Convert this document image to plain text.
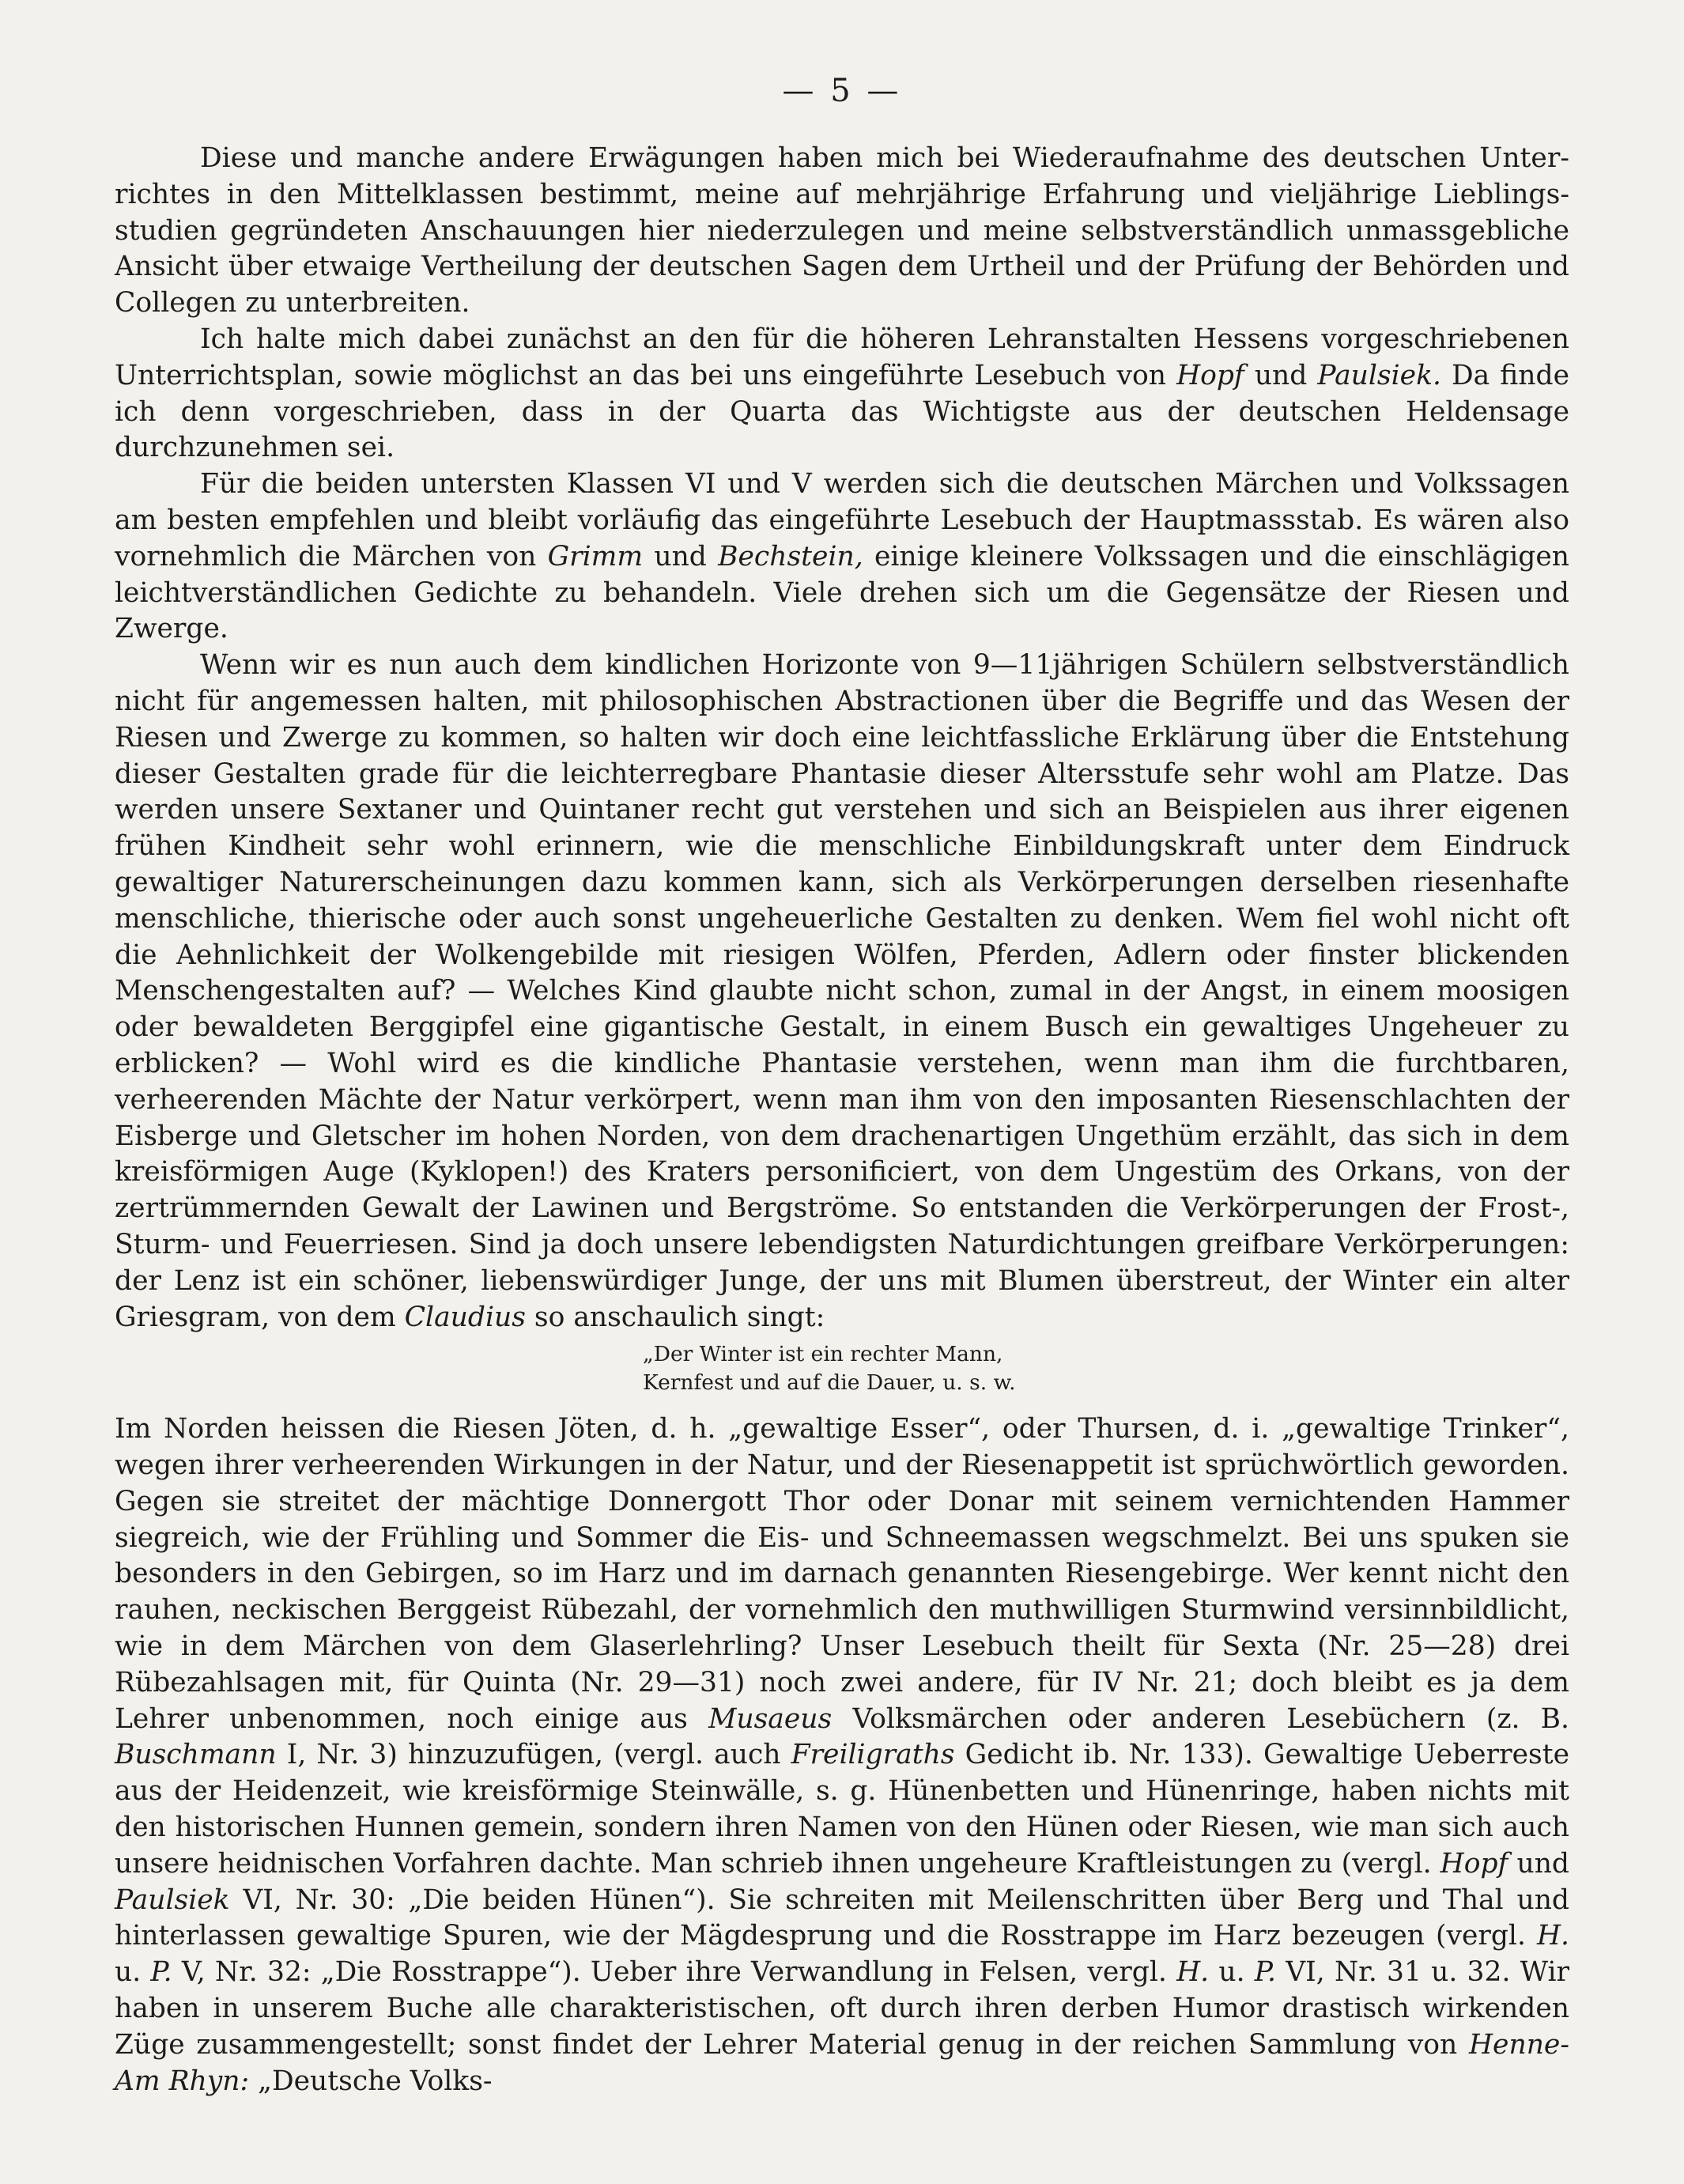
— 5 —

Diese und manche andere Erwägungen haben mich bei Wiederaufnahme des deutschen Unterrichtes in den Mittelklassen bestimmt, meine auf mehrjährige Erfahrung und vieljährige Lieblingsstudien gegründeten Anschauungen hier niederzulegen und meine selbstverständlich unmassgebliche Ansicht über etwaige Vertheilung der deutschen Sagen dem Urtheil und der Prüfung der Behörden und Collegen zu unterbreiten.

Ich halte mich dabei zunächst an den für die höheren Lehranstalten Hessens vorgeschriebenen Unterrichtsplan, sowie möglichst an das bei uns eingeführte Lesebuch von Hopf und Paulsiek. Da finde ich denn vorgeschrieben, dass in der Quarta das Wichtigste aus der deutschen Heldensage durchzunehmen sei.

Für die beiden untersten Klassen VI und V werden sich die deutschen Märchen und Volkssagen am besten empfehlen und bleibt vorläufig das eingeführte Lesebuch der Hauptmassstab. Es wären also vornehmlich die Märchen von Grimm und Bechstein, einige kleinere Volkssagen und die einschlägigen leichtverständlichen Gedichte zu behandeln. Viele drehen sich um die Gegensätze der Riesen und Zwerge.

Wenn wir es nun auch dem kindlichen Horizonte von 9—11jährigen Schülern selbstverständlich nicht für angemessen halten, mit philosophischen Abstractionen über die Begriffe und das Wesen der Riesen und Zwerge zu kommen, so halten wir doch eine leichtfassliche Erklärung über die Entstehung dieser Gestalten grade für die leichterregbare Phantasie dieser Altersstufe sehr wohl am Platze. Das werden unsere Sextaner und Quintaner recht gut verstehen und sich an Beispielen aus ihrer eigenen frühen Kindheit sehr wohl erinnern, wie die menschliche Einbildungskraft unter dem Eindruck gewaltiger Naturerscheinungen dazu kommen kann, sich als Verkörperungen derselben riesenhafte menschliche, thierische oder auch sonst ungeheuerliche Gestalten zu denken. Wem fiel wohl nicht oft die Aehnlichkeit der Wolkengebilde mit riesigen Wölfen, Pferden, Adlern oder finster blickenden Menschengestalten auf? — Welches Kind glaubte nicht schon, zumal in der Angst, in einem moosigen oder bewaldeten Berggipfel eine gigantische Gestalt, in einem Busch ein gewaltiges Ungeheuer zu erblicken? — Wohl wird es die kindliche Phantasie verstehen, wenn man ihm die furchtbaren, verheerenden Mächte der Natur verkörpert, wenn man ihm von den imposanten Riesenschlachten der Eisberge und Gletscher im hohen Norden, von dem drachenartigen Ungethüm erzählt, das sich in dem kreisförmigen Auge (Kyklopen!) des Kraters personificiert, von dem Ungestüm des Orkans, von der zertrümmernden Gewalt der Lawinen und Bergströme. So entstanden die Verkörperungen der Frost-, Sturm- und Feuerriesen. Sind ja doch unsere lebendigsten Naturdichtungen greifbare Verkörperungen: der Lenz ist ein schöner, liebenswürdiger Junge, der uns mit Blumen überstreut, der Winter ein alter Griesgram, von dem Claudius so anschaulich singt:

„Der Winter ist ein rechter Mann,
Kernfest und auf die Dauer, u. s. w.

Im Norden heissen die Riesen Jöten, d. h. „gewaltige Esser“, oder Thursen, d. i. „gewaltige Trinker“, wegen ihrer verheerenden Wirkungen in der Natur, und der Riesenappetit ist sprüchwörtlich geworden. Gegen sie streitet der mächtige Donnergott Thor oder Donar mit seinem vernichtenden Hammer siegreich, wie der Frühling und Sommer die Eis- und Schneemassen wegschmelzt. Bei uns spuken sie besonders in den Gebirgen, so im Harz und im darnach genannten Riesengebirge. Wer kennt nicht den rauhen, neckischen Berggeist Rübezahl, der vornehmlich den muthwilligen Sturmwind versinnbildlicht, wie in dem Märchen von dem Glaserlehrling? Unser Lesebuch theilt für Sexta (Nr. 25—28) drei Rübezahlsagen mit, für Quinta (Nr. 29—31) noch zwei andere, für IV Nr. 21; doch bleibt es ja dem Lehrer unbenommen, noch einige aus Musaeus Volksmärchen oder anderen Lesebüchern (z. B. Buschmann I, Nr. 3) hinzuzufügen, (vergl. auch Freiligraths Gedicht ib. Nr. 133). Gewaltige Ueberreste aus der Heidenzeit, wie kreisförmige Steinwälle, s. g. Hünenbetten und Hünenringe, haben nichts mit den historischen Hunnen gemein, sondern ihren Namen von den Hünen oder Riesen, wie man sich auch unsere heidnischen Vorfahren dachte. Man schrieb ihnen ungeheure Kraftleistungen zu (vergl. Hopf und Paulsiek VI, Nr. 30: „Die beiden Hünen“). Sie schreiten mit Meilenschritten über Berg und Thal und hinterlassen gewaltige Spuren, wie der Mägdesprung und die Rosstrappe im Harz bezeugen (vergl. H. u. P. V, Nr. 32: „Die Rosstrappe“). Ueber ihre Verwandlung in Felsen, vergl. H. u. P. VI, Nr. 31 u. 32. Wir haben in unserem Buche alle charakteristischen, oft durch ihren derben Humor drastisch wirkenden Züge zusammengestellt; sonst findet der Lehrer Material genug in der reichen Sammlung von Henne-Am Rhyn: „Deutsche Volks-
